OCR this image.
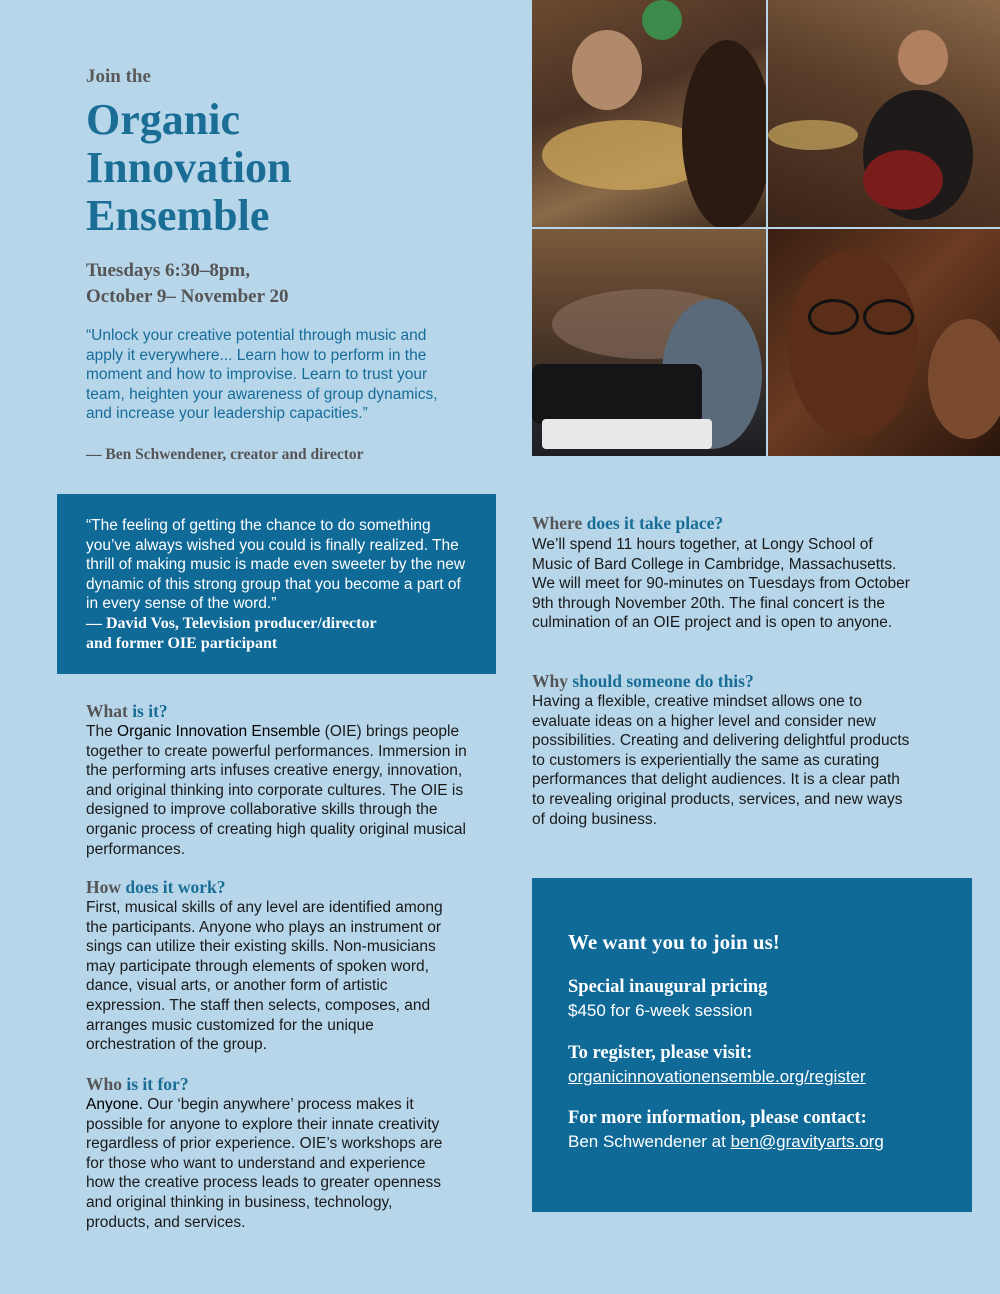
Join the
Organic
Innovation
Ensemble
Tuesdays 6:30–8pm,
October 9– November 20
“Unlock your creative potential through music and apply it everywhere... Learn how to perform in the moment and how to improvise. Learn to trust your team, heighten your awareness of group dynamics, and increase your leadership capacities.”
— Ben Schwendener, creator and director
“The feeling of getting the chance to do something you’ve always wished you could is finally realized. The thrill of making music is made even sweeter by the new dynamic of this strong group that you become a part of in every sense of the word.”
— David Vos, Television producer/director
and former OIE participant
What is it?
The Organic Innovation Ensemble (OIE) brings people together to create powerful performances. Immersion in the performing arts infuses creative energy, innovation, and original thinking into corporate cultures. The OIE is designed to improve collaborative skills through the organic process of creating high quality original musical performances.
How does it work?
First, musical skills of any level are identified among the participants. Anyone who plays an instrument or sings can utilize their existing skills. Non-musicians may participate through elements of spoken word, dance, visual arts, or another form of artistic expression. The staff then selects, composes, and arranges music customized for the unique orchestration of the group.
Who is it for?
Anyone. Our ‘begin anywhere’ process makes it possible for anyone to explore their innate creativity regardless of prior experience. OIE’s workshops are for those who want to understand and experience how the creative process leads to greater openness and original thinking in business, technology, products, and services.
Where does it take place?
We’ll spend 11 hours together, at Longy School of Music of Bard College in Cambridge, Massachusetts. We will meet for 90-minutes on Tuesdays from October 9th through November 20th. The final concert is the culmination of an OIE project and is open to anyone.
Why should someone do this?
Having a flexible, creative mindset allows one to evaluate ideas on a higher level and consider new possibilities. Creating and delivering delightful products to customers is experientially the same as curating performances that delight audiences. It is a clear path to revealing original products, services, and new ways of doing business.
We want you to join us!
Special inaugural pricing
$450 for 6-week session
To register, please visit:
organicinnovationensemble.org/register
For more information, please contact:
Ben Schwendener at ben@gravityarts.org
